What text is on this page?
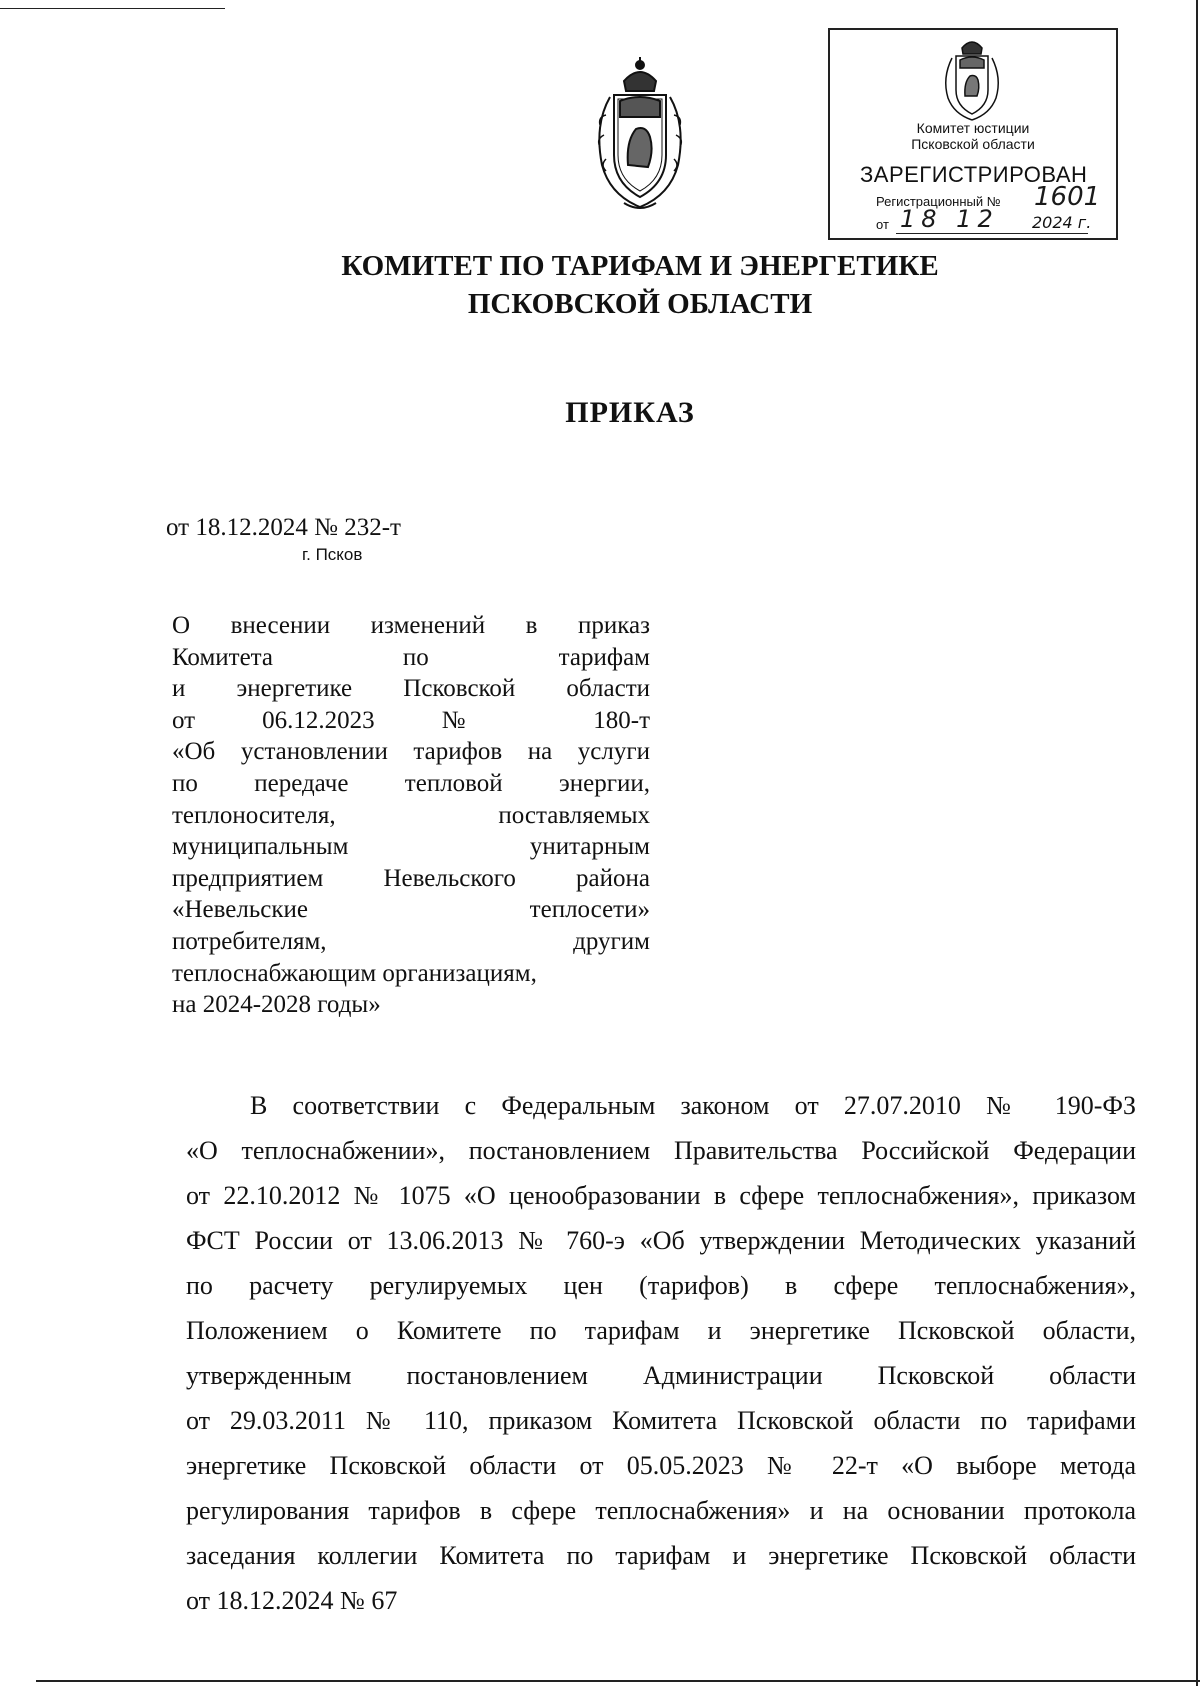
Комитет юстиции
Псковской области
ЗАРЕГИСТРИРОВАН
Регистрационный № 1601
от 18 12 2024 г.
КОМИТЕТ ПО ТАРИФАМ И ЭНЕРГЕТИКЕ
ПСКОВСКОЙ ОБЛАСТИ
ПРИКАЗ
от 18.12.2024 № 232-т
г. Псков
О внесении изменений в приказ
Комитета по тарифам
и энергетике Псковской области
от 06.12.2023 № 180-т
«Об установлении тарифов на услуги
по передаче тепловой энергии,
теплоносителя, поставляемых
муниципальным унитарным
предприятием Невельского района
«Невельские теплосети»
потребителям, другим
теплоснабжающим организациям,
на 2024-2028 годы»
В соответствии с Федеральным законом от 27.07.2010 № 190-ФЗ
«О теплоснабжении», постановлением Правительства Российской Федерации
от 22.10.2012 № 1075 «О ценообразовании в сфере теплоснабжения», приказом
ФСТ России от 13.06.2013 № 760-э «Об утверждении Методических указаний
по расчету регулируемых цен (тарифов) в сфере теплоснабжения»,
Положением о Комитете по тарифам и энергетике Псковской области,
утвержденным постановлением Администрации Псковской области
от 29.03.2011 № 110, приказом Комитета Псковской области по тарифами
энергетике Псковской области от 05.05.2023 № 22-т «О выборе метода
регулирования тарифов в сфере теплоснабжения» и на основании протокола
заседания коллегии Комитета по тарифам и энергетике Псковской области
от 18.12.2024 № 67
